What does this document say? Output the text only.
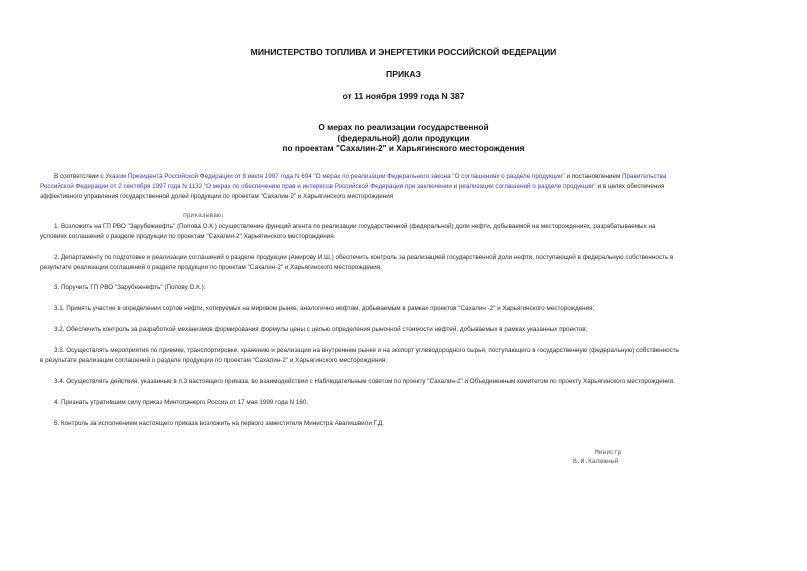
МИНИСТЕРСТВО ТОПЛИВА И ЭНЕРГЕТИКИ РОССИЙСКОЙ ФЕДЕРАЦИИ
ПРИКАЗ
от 11 ноября 1999 года N 387
О мерах по реализации государственной
(федеральной) доли продукции
по проектам "Сахалин-2" и Харьягинского месторождения
В соответствии с Указом Президента Российской Федерации от 8 июля 1997 года N 694 "О мерах по реализации Федерального закона "О соглашениях о разделе продукции" и постановлением Правительства
Российской Федерации от 2 сентября 1997 года N 1132 "О мерах по обеспечению прав и интересов Российской Федерации при заключении и реализации соглашений о разделе продукции" и в целях обеспечения
эффективного управления государственной долей продукции по проектам "Сахалин-2" и Харьягинского месторождения
приказываю:
1. Возложить на ГП РВО "Зарубежнефть" (Попова О.К.) осуществление функций агента по реализации государственной (федеральной) доли нефти, добываемой на месторождениях, разрабатываемых на
условиях соглашений о разделе продукции по проектам "Сахалин-2" Харьягинского месторождения.
2. Департаменту по подготовке и реализации соглашений о разделе продукции (Амирову И.Ш.) обеспечить контроль за реализацией государственной доли нефти, поступающей в федеральную собственность в
результате реализации соглашений о разделе продукции по проектам "Сахалин-2" и Харьягинского месторождения.
3. Поручить ГП РВО "Зарубежнефть" (Попову О.К.):
3.1. Принять участие в определении сортов нефти, котируемых на мировом рынке, аналогично нефтям, добываемым в рамках проектов "Сахалин -2" и Харьягинского месторождения;
3.2. Обеспечить контроль за разработкой механизмов формирования формулы цены с целью определения рыночной стоимости нефтей, добываемых в рамках указанных проектов;
3.3. Осуществлять мероприятия по приемке, транспортировке, хранению и реализации на внутреннем рынке и на экспорт углеводородного сырья, поступающего в государственную (федеральную) собственность
в результате реализации соглашений о разделе продукции по проектам "Сахалин-2" и Харьягинского месторождения;
3.4. Осуществлять действия, указанные в п.3 настоящего приказа, во взаимодействии с Наблюдательным советом по проекту "Сахалин-2" и Объединенным комитетом по проекту Харьягинского месторождения.
4. Признать утратившим силу приказ Минтопэнерго России от 17 мая 1999 года N 160.
5. Контроль за исполнением настоящего приказа возложить на первого заместителя Министра Авалишвили Г.Д.
Министр
В.И.Калюжный
